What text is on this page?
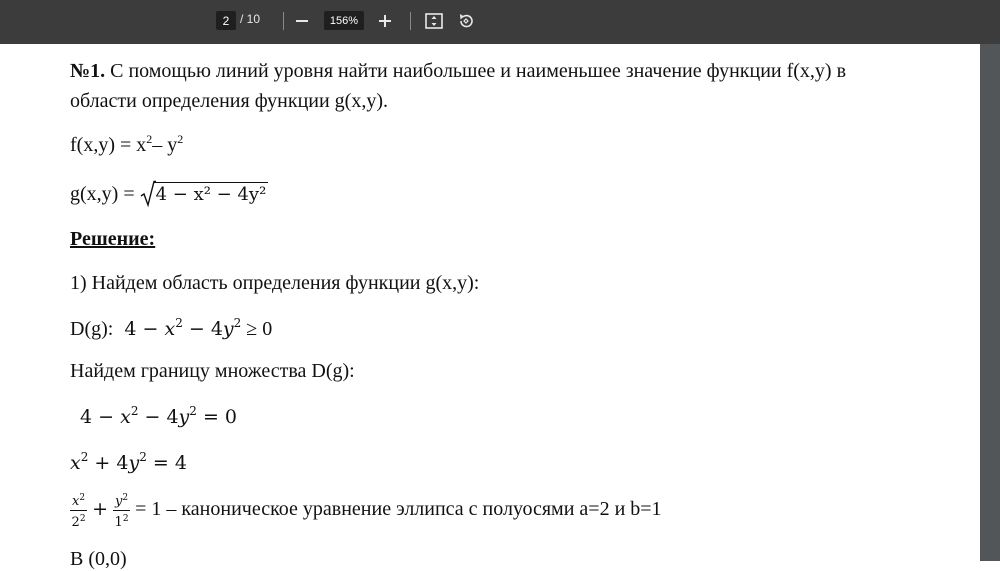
2 / 10	156%
№1. С помощью линий уровня найти наибольшее и наименьшее значение функции f(x,y) в
области определения функции g(x,y).
$f(x,y) = x^2-$ $y^2$
g(x,y) =
4 − x² − 4y²
Решение:
1) Найдем область определения функции g(x,y):
D(g):  $4 - x^2 - 4y^2 \ge 0$
Найдем границу множества D(g):
$4 - x^2 - 4y^2 = 0$
$x^2 + 4y^2 = 4$
$\frac{x^2}{2^2} + \frac{y^2}{1^2} = 1$ – каноническое уравнение эллипса с полуосями a=2 и b=1
В (0,0)
